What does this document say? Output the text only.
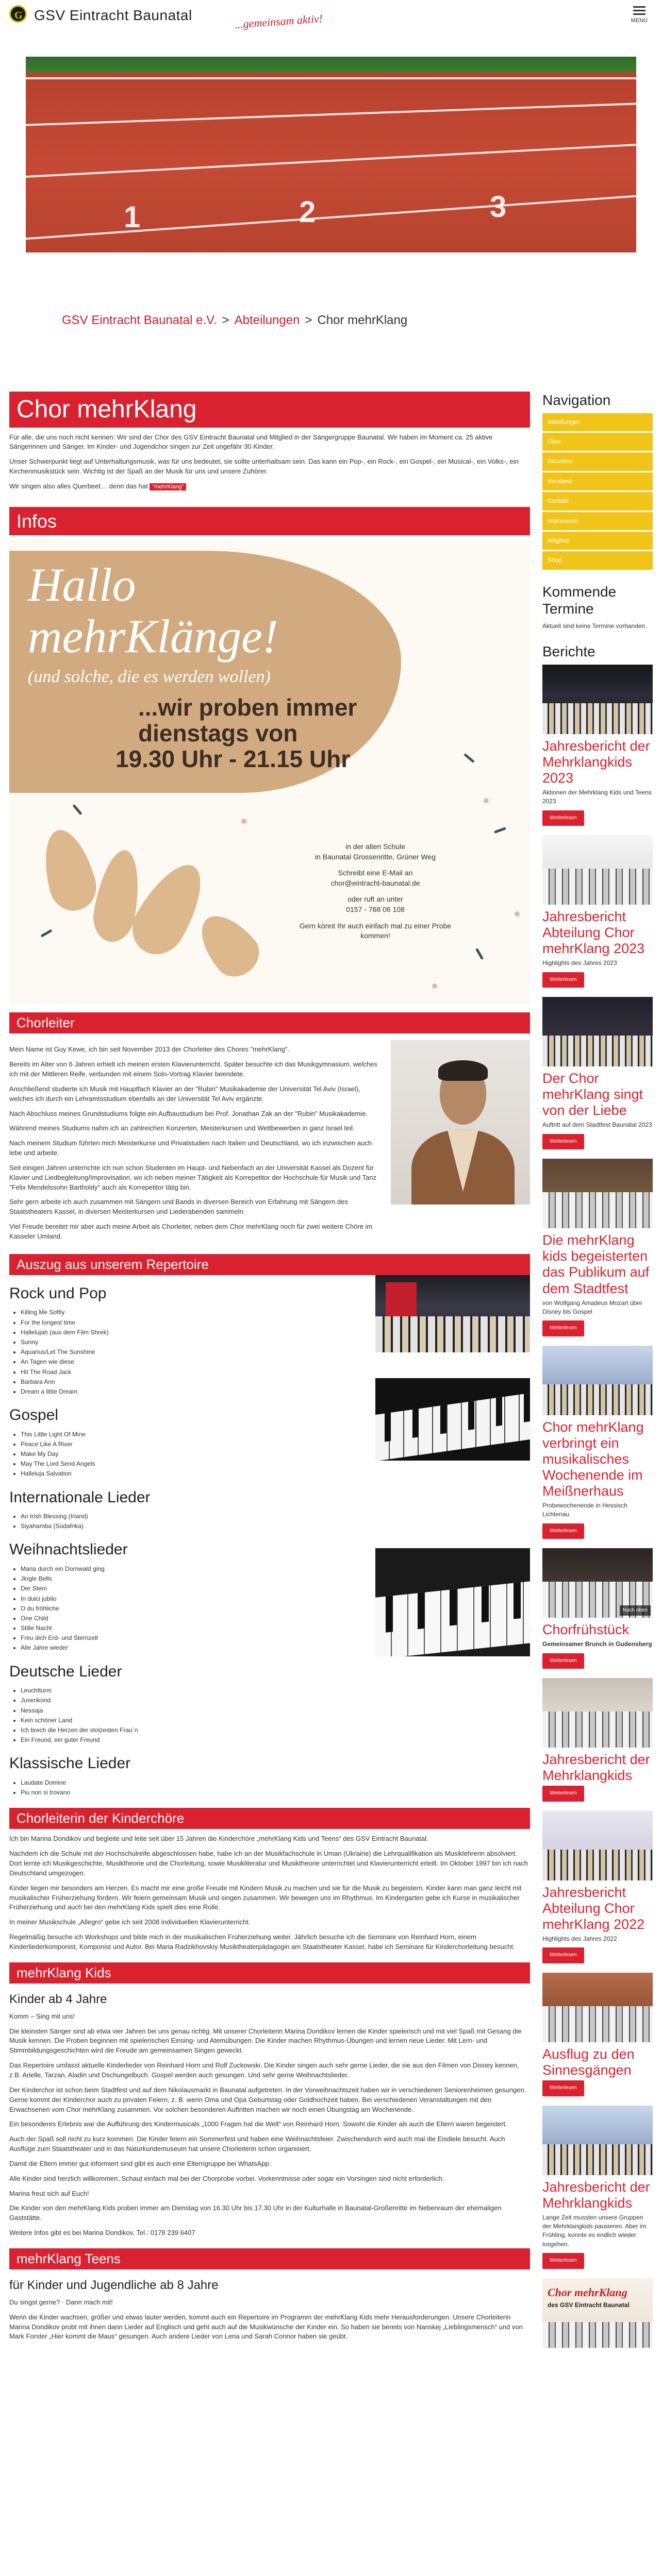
G GSV Eintracht Baunatal	...gemeinsam aktiv!	MENÜ
1	2	3
GSV Eintracht Baunatal e.V. > Abteilungen > Chor mehrKlang
Chor mehrKlang

Für alle, die uns noch nicht kennen: Wir sind der Chor des GSV Eintracht Baunatal und Mitglied in der Sängergruppe Baunatal. Wir haben im Moment ca. 25 aktive Sängerinnen und Sänger. Im Kinder- und Jugendchor singen zur Zeit ungefähr 30 Kinder.

Unser Schwerpunkt liegt auf Unterhaltungsmusik, was für uns bedeutet, sie sollte unterhaltsam sein. Das kann ein Pop-, ein Rock-, ein Gospel-, ein Musical-, ein Volks-, ein Kirchenmusikstück sein. Wichtig ist der Spaß an der Musik für uns und unsere Zuhörer.

Wir singen also alles Querbeet… denn das hat "mehrKlang"

Infos
Hallo
mehrKlänge!
(und solche, die es werden wollen)
...wir proben immer
dienstags von
19.30 Uhr - 21.15 Uhr

in der alten Schule
in Baunatal Grossenritte, Grüner Weg

Schreibt eine E-Mail an
chor@eintracht-baunatal.de

oder ruft an unter
0157 - 768 06 108

Gern könnt Ihr auch einfach mal zu einer Probe kommen!

Chorleiter

Mein Name ist Guy Kewe, ich bin seit November 2013 der Chorleiter des Chores "mehrKlang".

Bereits im Alter von 6 Jahren erhielt ich meinen ersten Klavierunterricht. Später besuchte ich das Musikgymnasium, welches ich mit der Mittleren Reife, verbunden mit einem Solo-Vortrag Klavier beendete.

Anschließend studierte ich Musik mit Hauptfach Klavier an der "Rubin" Musikakademie der Universität Tel Aviv (Israel), welches ich durch ein Lehramtsstudium ebenfalls an der Universität Tel Aviv ergänzte.

Nach Abschluss meines Grundstudiums folgte ein Aufbaustudium bei Prof. Jonathan Zak an der "Rubin" Musikakademie.

Während meines Studiums nahm ich an zahlreichen Konzerten, Meisterkursen und Wettbewerben in ganz Israel teil.

Nach meinem Studium führten mich Meisterkurse und Privatstudien nach Italien und Deutschland, wo ich inzwischen auch lebe und arbeite.

Seit einigen Jahren unterrichte ich nun schon Studenten im Haupt- und Nebenfach an der Universität Kassel als Dozent für Klavier und Liedbegleitung/Improvisation, wo ich neben meiner Tätigkeit als Korrepetitor der Hochschule für Musik und Tanz "Felix Mendelssohn Bartholdy" auch als Korrepetitor tätig bin.

Sehr gern arbeite ich auch zusammen mit Sängern und Bands in diversen Bereich von Erfahrung mit Sängern des Staatstheaters Kassel, in diversen Meisterkursen und Liederabenden sammeln.

Viel Freude bereitet mir aber auch meine Arbeit als Chorleiter, neben dem Chor mehrKlang noch für zwei weitere Chöre im Kasseler Umland.

Auszug aus unserem Repertoire
Rock und Pop
• Killing Me Softly
• For the longest time
• Hallelujah (aus dem Film Shrek)
• Sunny
• Aquarius/Let The Sunshine
• An Tagen wie diese
• Hit The Road Jack
• Barbara Ann
• Dream a little Dream
Gospel
• This Little Light Of Mine
• Peace Like A River
• Make My Day
• May The Lord Send Angels
• Halleluja Salvation
Internationale Lieder
• An Irish Blessing (Irland)
• Siyahamba (Südafrika)
Weihnachtslieder
• Maria durch ein Dornwald ging
• Jingle Bells
• Der Stern
• In dulci jubilo
• O du fröhliche
• One Child
• Stille Nacht
• Freu dich Erd- und Sternzelt
• Alle Jahre wieder
Deutsche Lieder
• Leuchtturm
• Juvenkond
• Nessaja
• Kein schöner Land
• Ich brech die Herzen der stolzesten Frau´n
• Ein Freund, ein guter Freund
Klassische Lieder
• Laudate Domine
• Piu non si trovano
Chorleiterin der Kinderchöre

Ich bin Marina Dondikov und begleite und leite seit über 15 Jahren die Kinderchöre „mehrKlang Kids und Teens“ des GSV Eintracht Baunatal.

Nachdem ich die Schule mit der Hochschulreife abgeschlossen habe, habe ich an der Musikfachschule in Uman (Ukraine) die Lehrqualifikation als Musiklehrerin absolviert. Dort lernte ich Musikgeschichte, Musiktheorie und die Chorleitung, sowie Musikliteratur und Musiktheorie unterrichtet und Klavierunterricht erteilt. Im Oktober 1997 bin ich nach Deutschland umgezogen.

Kinder liegen mir besonders am Herzen. Es macht mir eine große Freude mit Kindern Musik zu machen und sie für die Musik zu begeistern. Kinder kann man ganz leicht mit musikalischer Früherziehung fördern. Wir feiern gemeinsam Musik und singen zusammen. Wir bewegen uns im Rhythmus. Im Kindergarten gebe ich Kurse in musikalischer Früherziehung und auch bei den mehrKlang Kids spielt dies eine Rolle.

In meiner Musikschule „Allegro“ gebe ich seit 2008 individuellen Klavierunterricht.

Regelmäßig besuche ich Workshops und bilde mich in der musikalischen Früherziehung weiter. Jährlich besuche ich die Seminare von Reinhard Horn, einem Kinderliederkomponist, Komponist und Autor. Bei Maria Radzikhovskiy Musiktheaterpädagogin am Staatstheater Kassel, habe ich Seminare für Kinderchorleitung besucht.

mehrKlang Kids
Kinder ab 4 Jahre

Komm – Sing mit uns!

Die kleinsten Sänger sind ab etwa vier Jahren bei uns genau richtig. Mit unserer Chorleiterin Marina Dondikov lernen die Kinder spielerisch und mit viel Spaß mit Gesang die Musik kennen. Die Proben beginnen mit spielerischen Einsing- und Atemübungen. Die Kinder machen Rhythmus-Übungen und lernen neue Lieder. Mit Lern- und Stimmbildungsgeschichten wird die Freude am gemeinsamen Singen geweckt.

Das Repertoire umfasst aktuelle Kinderlieder von Reinhard Horn und Rolf Zuckowski. Die Kinder singen auch sehr gerne Lieder, die sie aus den Filmen von Disney kennen, z.B. Arielle, Tarzan, Aladin und Dschungelbuch. Gospel werden auch gesungen. Und sehr gerne Weihnachtslieder.

Der Kinderchor ist schon beim Stadtfest und auf dem Nikolausmarkt in Baunatal aufgetreten. In der Vorweihnachtszeit haben wir in verschiedenen Seniorenheimen gesungen. Gerne kommt der Kinderchor auch zu privaten Feiern, z. B. wenn Oma und Opa Geburtstag oder Goldhochzeit haben. Bei verschiedenen Veranstaltungen mit den Erwachsenen vom Chor mehrKlang zusammen. Vor solchen besonderen Auftritten machen wir noch einen Übungstag am Wochenende.

Ein besonderes Erlebnis war die Aufführung des Kindermusicals „1000 Fragen hat die Welt“ von Reinhard Horn. Sowohl die Kinder als auch die Eltern waren begeistert.

Auch der Spaß soll nicht zu kurz kommen. Die Kinder feiern ein Sommerfest und haben eine Weihnachtsfeier. Zwischendurch wird auch mal die Eisdiele besucht. Auch Ausflüge zum Staatstheater und in das Naturkundemuseum hat unsere Chorleiterin schon organisiert.

Damit die Eltern immer gut informiert sind gibt es auch eine Elterngruppe bei WhatsApp.

Alle Kinder sind herzlich willkommen. Schaut einfach mal bei der Chorprobe vorbei. Vorkenntnisse oder sogar ein Vorsingen sind nicht erforderlich.

Marina freut sich auf Euch!

Die Kinder von den mehrKlang Kids proben immer am Dienstag von 16.30 Uhr bis 17.30 Uhr in der Kulturhalle in Baunatal-Großenritte im Nebenraum der ehemaligen Gaststätte.

Weitere Infos gibt es bei Marina Dondikov, Tel.: 0178 239 6407

mehrKlang Teens
für Kinder und Jugendliche ab 8 Jahre

Du singst gerne? · Dann mach mit!

Wenn die Kinder wachsen, größer und etwas lauter werden, kommt auch ein Repertoire im Programm der mehrKlang Kids mehr Herausforderungen. Unsere Chorleiterin Marina Dondikov probt mit ihnen dann Lieder auf Englisch und geht auch auf die Musikwünsche der Kinder ein. So haben sie bereits von Nanskej „Lieblingsmensch“ und von Mark Forster „Hier kommt die Maus“ gesungen. Auch andere Lieder von Lena und Sarah Connor haben sie geübt.

Navigation
Abteilungen
Über
Aktuelles
Vorstand
Kontakt
Impressum
Mitglied
Shop
Kommende Termine

Aktuell sind keine Termine vorhanden.

Berichte
Jahresbericht der Mehrklangkids 2023
Aktionen der Mehrklang Kids und Teens 2023
Weiterlesen
Jahresbericht Abteilung Chor mehrKlang 2023
Highlights des Jahres 2023
Weiterlesen
Der Chor mehrKlang singt von der Liebe
Auftritt auf dem Stadtfest Baunatal 2023
Weiterlesen
Die mehrKlang kids begeisterten das Publikum auf dem Stadtfest
von Wolfgang Amadeus Mozart über Disney bis Gospel
Weiterlesen
Chor mehrKlang verbringt ein musikalisches Wochenende im Meißnerhaus
Probewochenende in Hessisch Lichtenau
Weiterlesen
Nach oben
Chorfrühstück
Gemeinsamer Brunch in Gudensberg
Weiterlesen
Jahresbericht der Mehrklangkids
Weiterlesen
Jahresbericht Abteilung Chor mehrKlang 2022
Highlights des Jahres 2022
Weiterlesen
Ausflug zu den Sinnesgängen
Weiterlesen
Jahresbericht der Mehrklangkids
Lange Zeit mussten unsere Gruppen der Mehrklangkids pausieren. Aber im Frühling, konnte es endlich wieder losgehen.
Weiterlesen
Chor mehrKlang
des GSV Eintracht Baunatal
